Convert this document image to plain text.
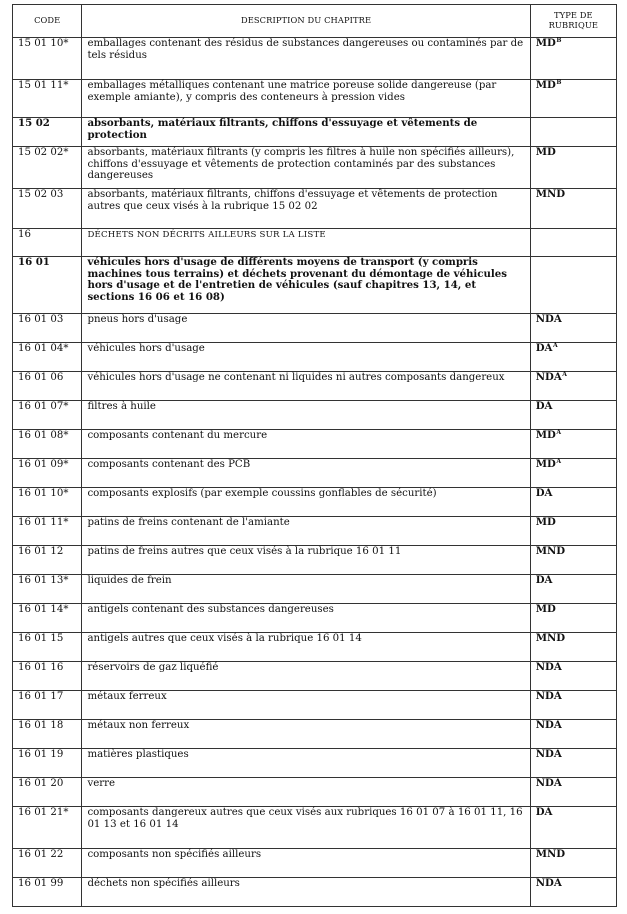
CODE	DESCRIPTION DU CHAPITRE	TYPE DE
RUBRIQUE
15 01 10*	emballages contenant des résidus de substances dangereuses ou contaminés par de tels résidus	$MD^B$
15 01 11*	emballages métalliques contenant une matrice poreuse solide dangereuse (par exemple amiante), y compris des conteneurs à pression vides	$MD^B$
15 02	absorbants, matériaux filtrants, chiffons d'essuyage et vêtements de protection	
15 02 02*	absorbants, matériaux filtrants (y compris les filtres à huile non spécifiés ailleurs), chiffons d'essuyage et vêtements de protection contaminés par des substances dangereuses	MD
15 02 03	absorbants, matériaux filtrants, chiffons d'essuyage et vêtements de protection autres que ceux visés à la rubrique 15 02 02	MND
16	DÉCHETS NON DÉCRITS AILLEURS SUR LA LISTE	
16 01	véhicules hors d'usage de différents moyens de transport (y compris machines tous terrains) et déchets provenant du démontage de véhicules hors d'usage et de l'entretien de véhicules (sauf chapitres 13, 14, et sections 16 06 et 16 08)	
16 01 03	pneus hors d'usage	NDA
16 01 04*	véhicules hors d'usage	$DA^A$
16 01 06	véhicules hors d'usage ne contenant ni liquides ni autres composants dangereux	$NDA^A$
16 01 07*	filtres à huile	DA
16 01 08*	composants contenant du mercure	$MD^A$
16 01 09*	composants contenant des PCB	$MD^A$
16 01 10*	composants explosifs (par exemple coussins gonflables de sécurité)	DA
16 01 11*	patins de freins contenant de l'amiante	MD
16 01 12	patins de freins autres que ceux visés à la rubrique 16 01 11	MND
16 01 13*	liquides de frein	DA
16 01 14*	antigels contenant des substances dangereuses	MD
16 01 15	antigels autres que ceux visés à la rubrique 16 01 14	MND
16 01 16	réservoirs de gaz liquéfié	NDA
16 01 17	métaux ferreux	NDA
16 01 18	métaux non ferreux	NDA
16 01 19	matières plastiques	NDA
16 01 20	verre	NDA
16 01 21*	composants dangereux autres que ceux visés aux rubriques 16 01 07 à 16 01 11, 16 01 13 et 16 01 14	DA
16 01 22	composants non spécifiés ailleurs	MND
16 01 99	déchets non spécifiés ailleurs	NDA
